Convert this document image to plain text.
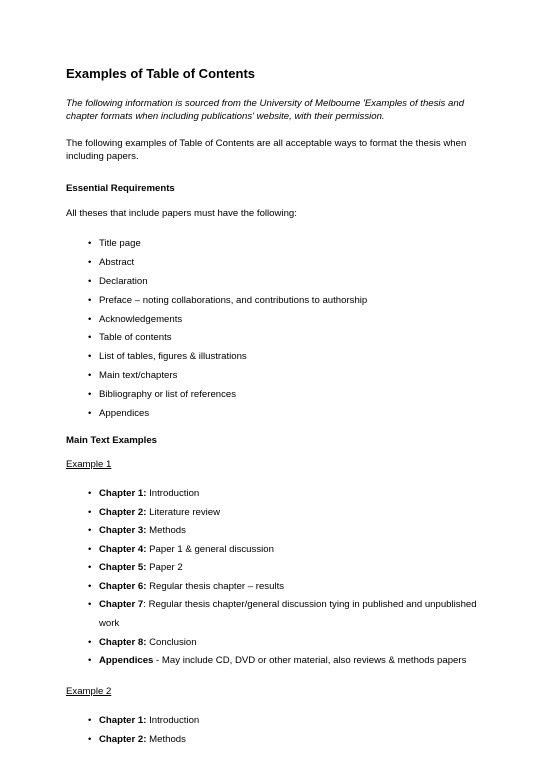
Examples of Table of Contents

The following information is sourced from the University of Melbourne 'Examples of thesis and chapter formats when including publications' website, with their permission.

The following examples of Table of Contents are all acceptable ways to format the thesis when including papers.

Essential Requirements

All theses that include papers must have the following:

• Title page
• Abstract
• Declaration
• Preface – noting collaborations, and contributions to authorship
• Acknowledgements
• Table of contents
• List of tables, figures & illustrations
• Main text/chapters
• Bibliography or list of references
• Appendices
Main Text Examples

Example 1

• Chapter 1: Introduction
• Chapter 2: Literature review
• Chapter 3: Methods
• Chapter 4: Paper 1 & general discussion
• Chapter 5: Paper 2
• Chapter 6: Regular thesis chapter – results
• Chapter 7: Regular thesis chapter/general discussion tying in published and unpublished
work
• Chapter 8: Conclusion
• Appendices - May include CD, DVD or other material, also reviews & methods papers

Example 2

• Chapter 1: Introduction
• Chapter 2: Methods
